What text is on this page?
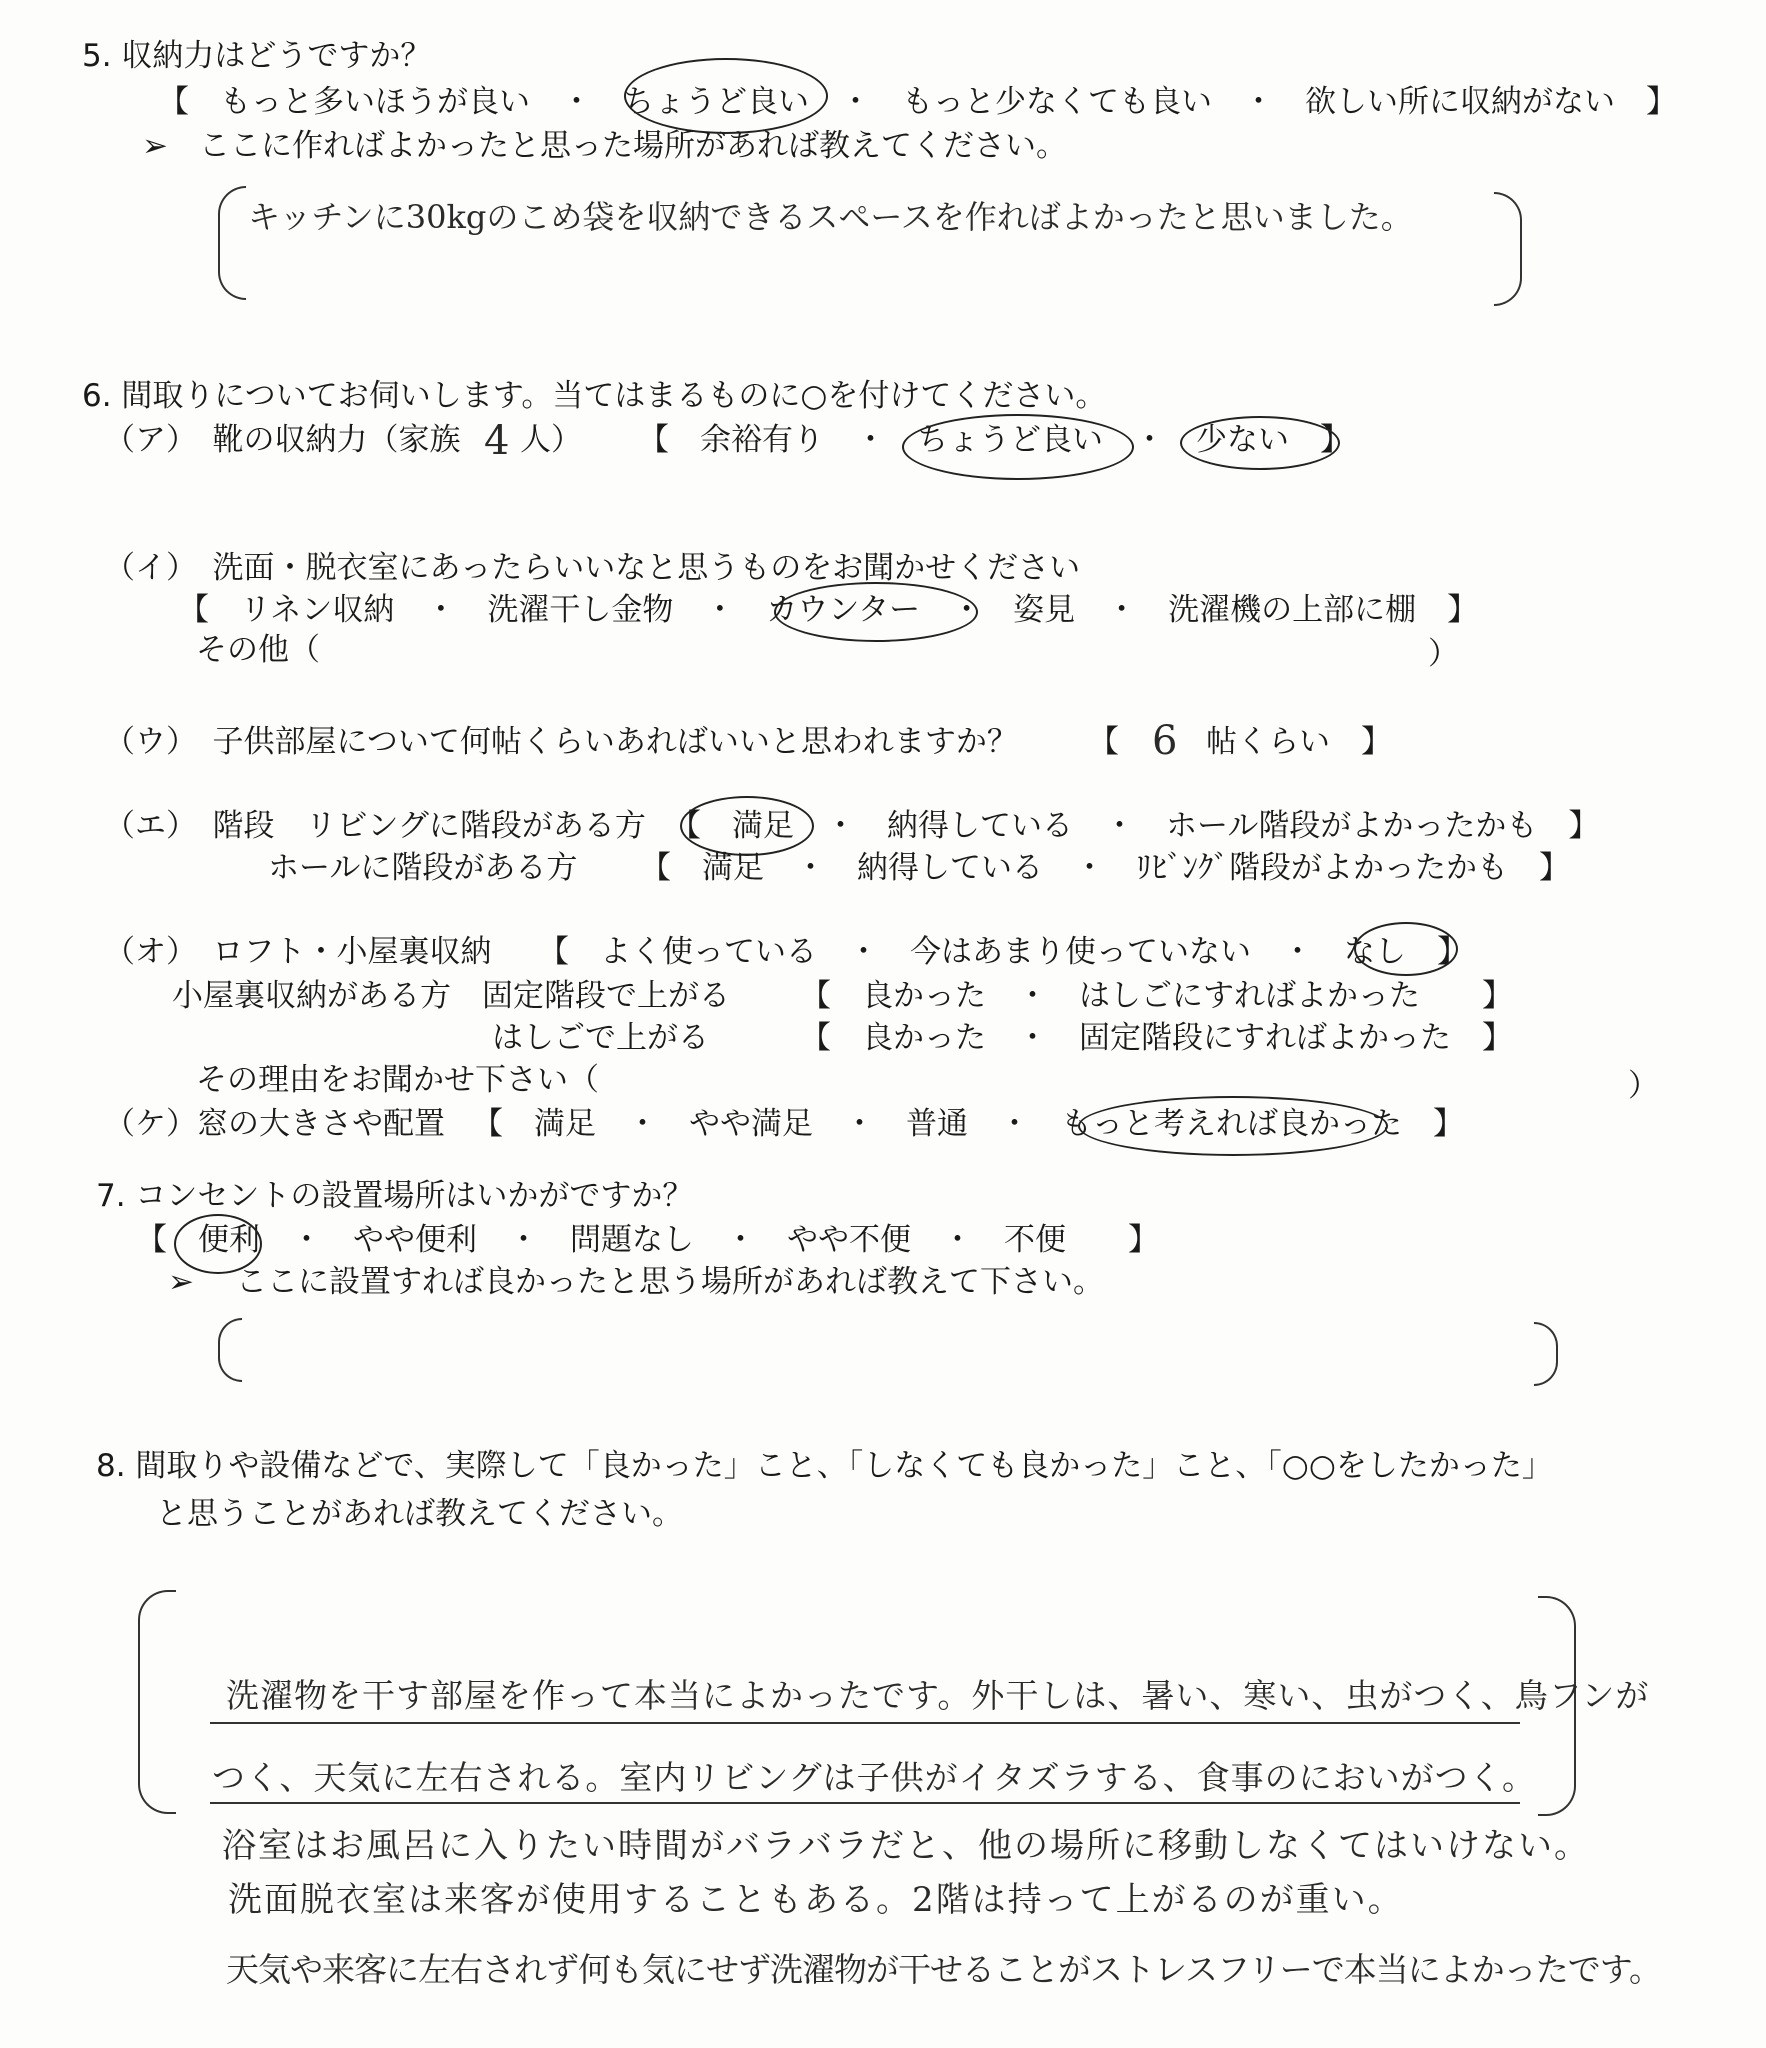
5. 収納力はどうですか？
【　もっと多いほうが良い　・　ちょうど良い　・　もっと少なくても良い　・　欲しい所に収納がない　】
➢　ここに作ればよかったと思った場所があれば教えてください。
キッチンに30kgのこめ袋を収納できるスペースを作ればよかったと思いました。
6. 間取りについてお伺いします。当てはまるものに○を付けてください。
（ア）　靴の収納力（家族 4 人） 【　余裕有り　・　ちょうど良い　・　少ない　】
（イ）　洗面・脱衣室にあったらいいなと思うものをお聞かせください
【　リネン収納　・　洗濯干し金物　・　カウンター　・　姿見　・　洗濯機の上部に棚　】
その他（	）
（ウ）　子供部屋について何帖くらいあればいいと思われますか？ 【 6 帖くらい　】
（エ）　階段　リビングに階段がある方 【　満足　・　納得している　・　ホール階段がよかったかも　】
ホールに階段がある方 【　満足　・　納得している　・　ﾘﾋﾞﾝｸﾞ階段がよかったかも　】
（オ）　ロフト・小屋裏収納 【　よく使っている　・　今はあまり使っていない　・　なし　】
小屋裏収納がある方　固定階段で上がる 【　良かった　・　はしごにすればよかった　　】
はしごで上がる	【　良かった　・　固定階段にすればよかった　】
その理由をお聞かせ下さい（	）
（ケ）窓の大きさや配置 【　満足　・　やや満足　・　普通　・　もっと考えれば良かった　】
7. コンセントの設置場所はいかがですか？
【　便利　・　やや便利　・　問題なし　・　やや不便　・　不便　　】
➢ ここに設置すれば良かったと思う場所があれば教えて下さい。
8. 間取りや設備などで、実際して「良かった」こと、「しなくても良かった」こと、「○○をしたかった」
と思うことがあれば教えてください。
洗濯物を干す部屋を作って本当によかったです。外干しは、暑い、寒い、虫がつく、鳥フンが
つく、天気に左右される。室内リビングは子供がイタズラする、食事のにおいがつく。
浴室はお風呂に入りたい時間がバラバラだと、他の場所に移動しなくてはいけない。
洗面脱衣室は来客が使用することもある。2階は持って上がるのが重い。
天気や来客に左右されず何も気にせず洗濯物が干せることがストレスフリーで本当によかったです。
